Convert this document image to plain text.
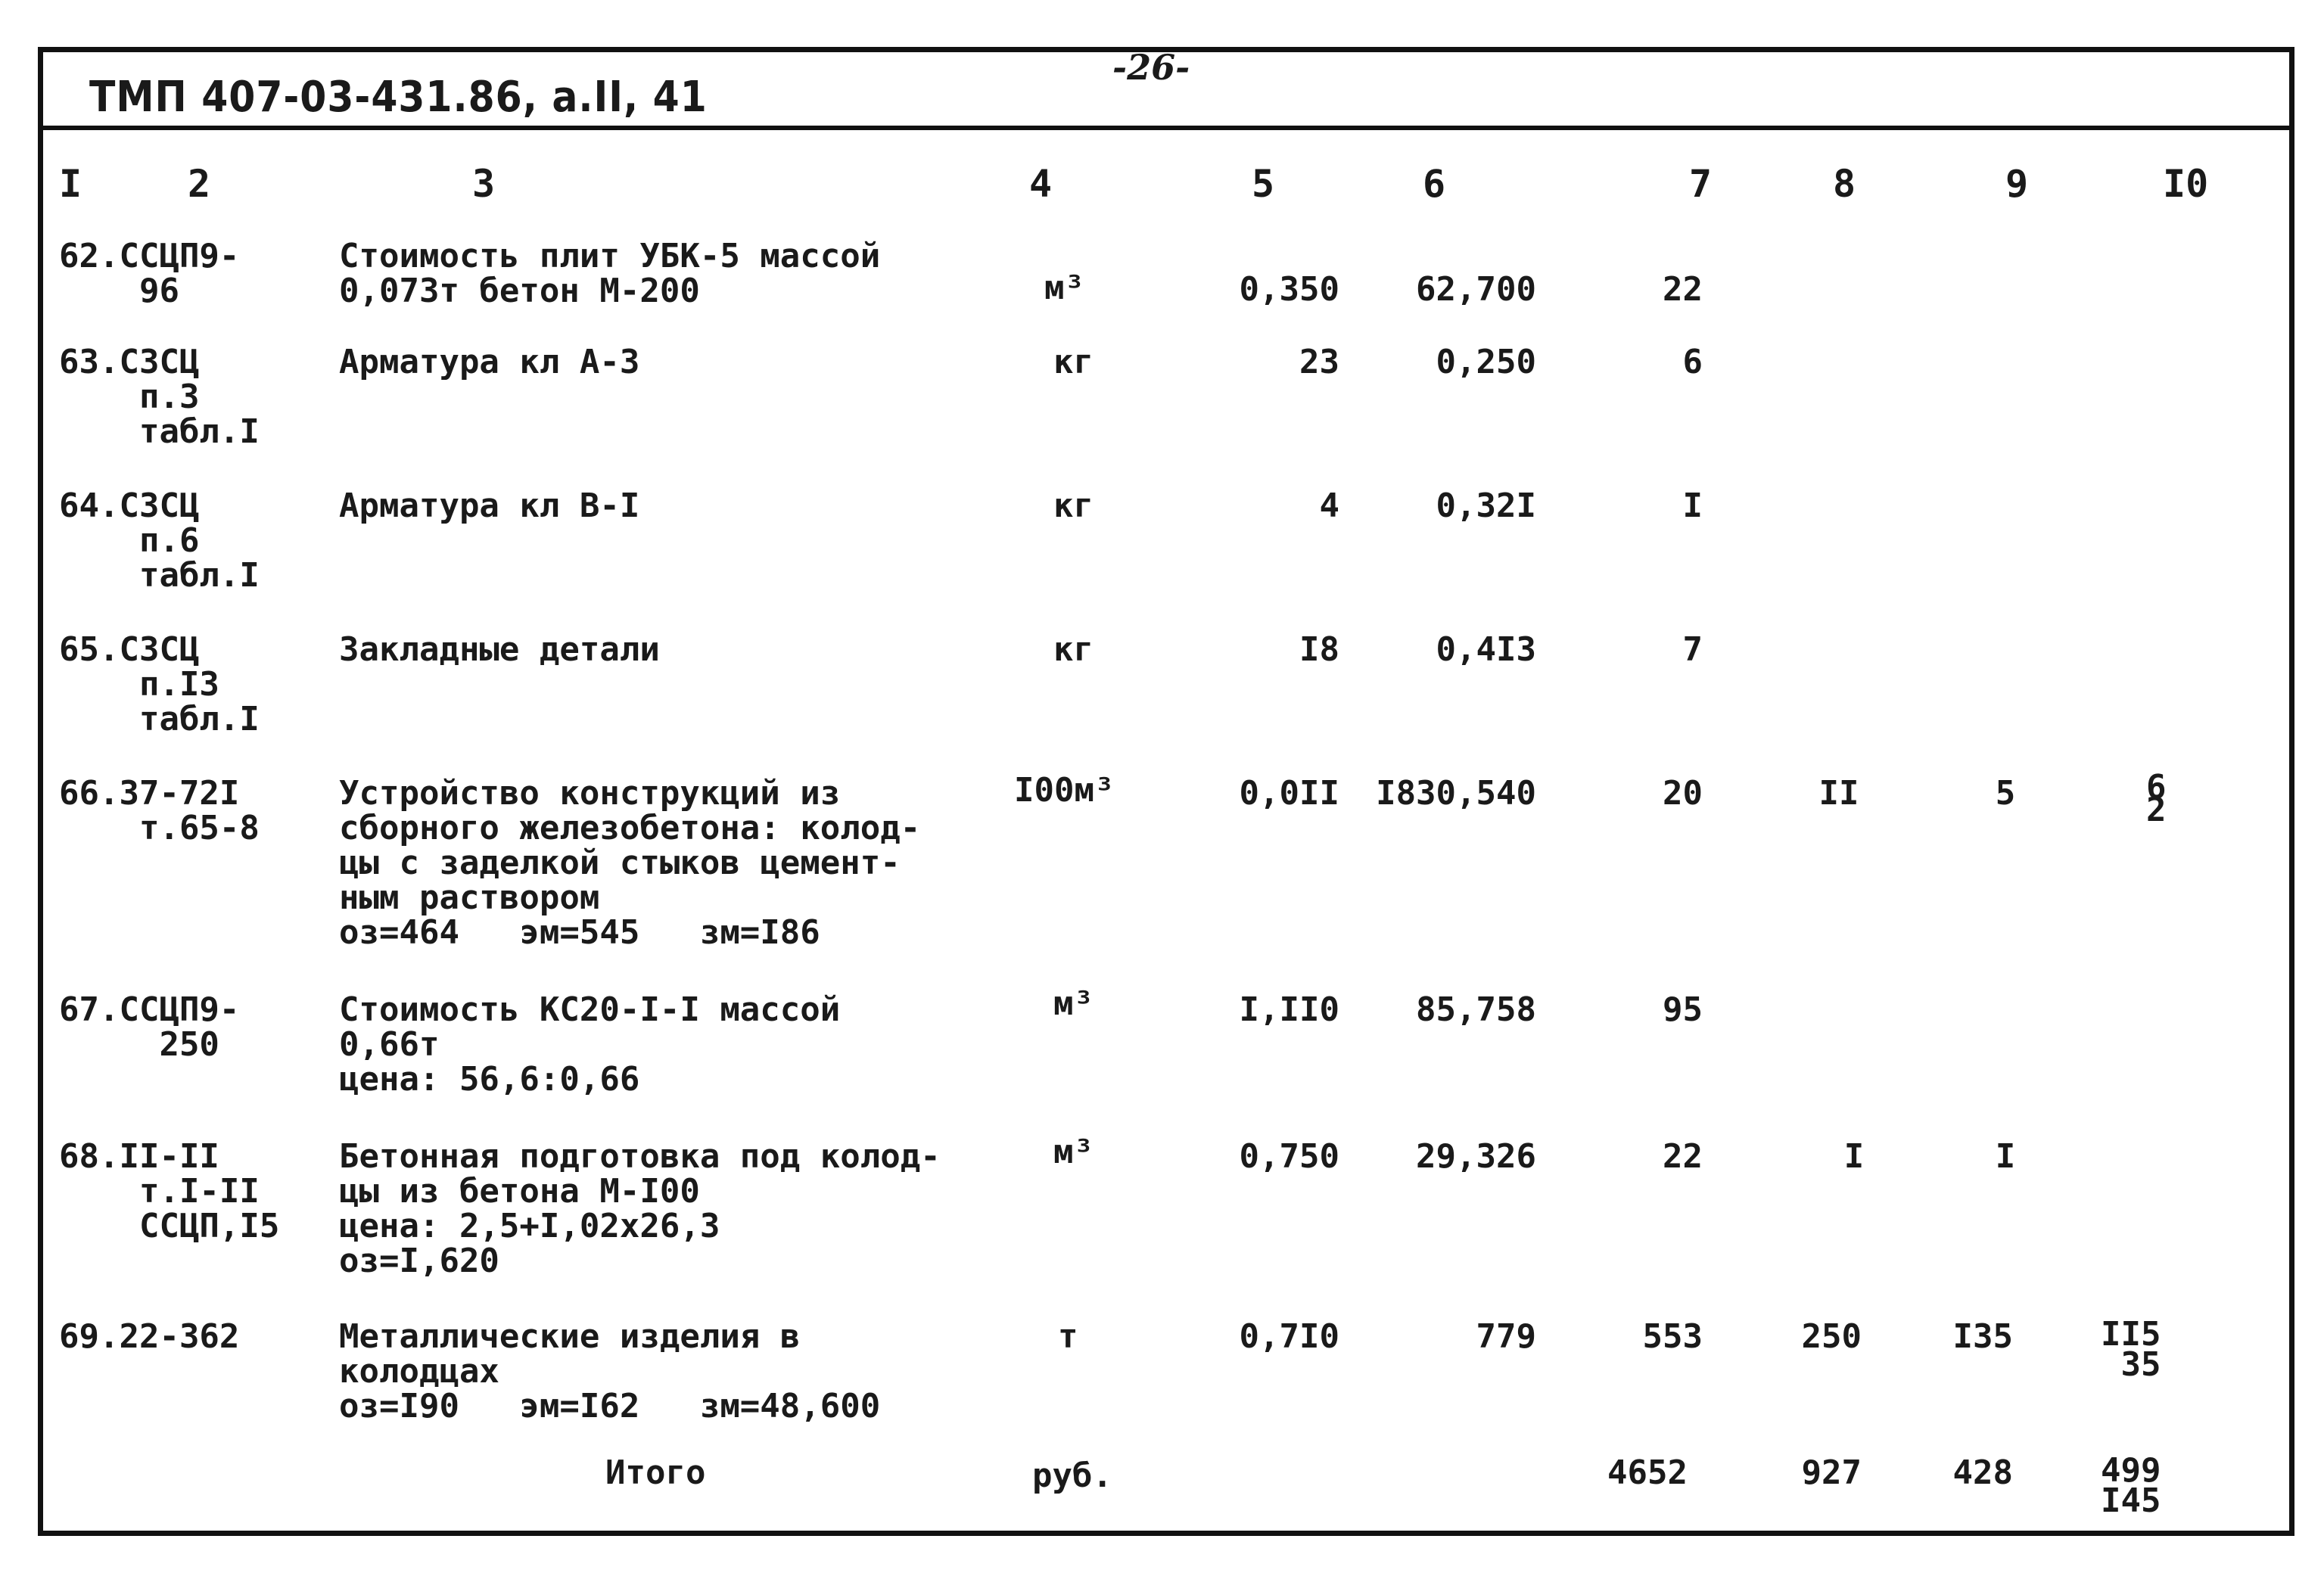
ТМП 407-03-431.86, а.II, 41
-26-
I	2	3	4	5	6	7	8	9	I0
62.ССЦП9-
96
Стоимость плит УБК-5 массой
0,073т бетон М-200	м³	0,350	62,700	22
63.СЗСЦ
п.3
табл.I
Арматура кл А-3	кг	23	0,250	6
64.СЗСЦ
п.6
табл.I
Арматура кл В-I	кг	4	0,32I	I
65.СЗСЦ
п.I3
табл.I
Закладные детали	кг	I8	0,4I3	7
66.37-72I
т.65-8
Устройство конструкций из
сборного железобетона: колод-
цы с заделкой стыков цемент-
ным раствором
оз=464   эм=545   зм=I86
I00м³	0,0II	I830,540	20	II	5	6
2
67.ССЦП9-
250
Стоимость КС20-I-I массой
0,66т
цена: 56,6:0,66
м³	I,II0	85,758	95
68.II-II
т.I-II
ССЦП,I5
Бетонная подготовка под колод-
цы из бетона М-I00
цена: 2,5+I,02х26,3
оз=I,620
м³	0,750	29,326	22	I	I
69.22-362	Металлические изделия в
колодцах
оз=I90   эм=I62   зм=48,600
т	0,7I0	779	553	250	I35	II5
35
Итого	руб.	4652	927	428	499
I45
